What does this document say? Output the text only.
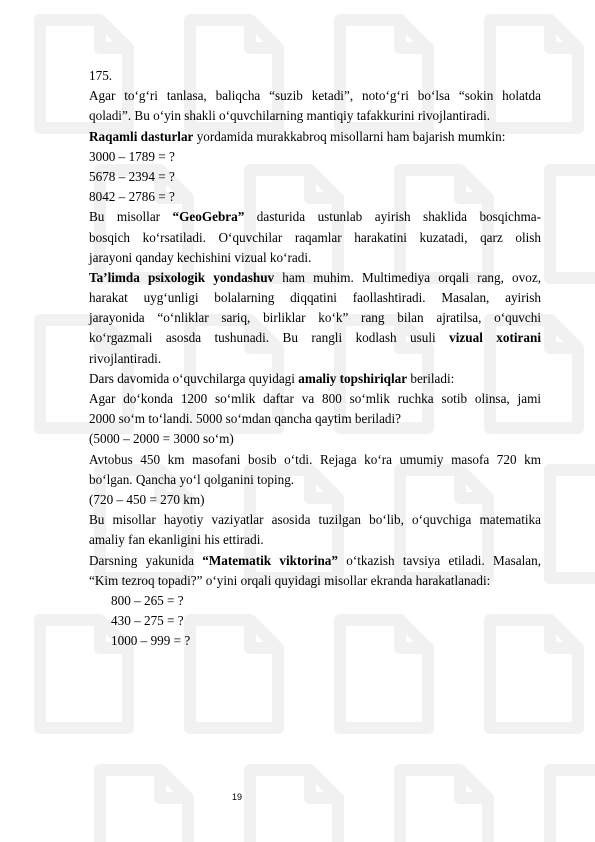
175.
Agar to‘g‘ri tanlasa, baliqcha “suzib ketadi”, noto‘g‘ri bo‘lsa “sokin holatda
qoladi”. Bu o‘yin shakli o‘quvchilarning mantiqiy tafakkurini rivojlantiradi.
Raqamli dasturlar yordamida murakkabroq misollarni ham bajarish mumkin:
3000 – 1789 = ?
5678 – 2394 = ?
8042 – 2786 = ?
Bu misollar “GeoGebra” dasturida ustunlab ayirish shaklida bosqichma-
bosqich ko‘rsatiladi. O‘quvchilar raqamlar harakatini kuzatadi, qarz olish
jarayoni qanday kechishini vizual ko‘radi.
Ta’limda psixologik yondashuv ham muhim. Multimediya orqali rang, ovoz,
harakat uyg‘unligi bolalarning diqqatini faollashtiradi. Masalan, ayirish
jarayonida “o‘nliklar sariq, birliklar ko‘k” rang bilan ajratilsa, o‘quvchi
ko‘rgazmali asosda tushunadi. Bu rangli kodlash usuli vizual xotirani
rivojlantiradi.
Dars davomida o‘quvchilarga quyidagi amaliy topshiriqlar beriladi:
Agar do‘konda 1200 so‘mlik daftar va 800 so‘mlik ruchka sotib olinsa, jami
2000 so‘m to‘landi. 5000 so‘mdan qancha qaytim beriladi?
(5000 – 2000 = 3000 so‘m)
Avtobus 450 km masofani bosib o‘tdi. Rejaga ko‘ra umumiy masofa 720 km
bo‘lgan. Qancha yo‘l qolganini toping.
(720 – 450 = 270 km)
Bu misollar hayotiy vaziyatlar asosida tuzilgan bo‘lib, o‘quvchiga matematika
amaliy fan ekanligini his ettiradi.
Darsning yakunida “Matematik viktorina” o‘tkazish tavsiya etiladi. Masalan,
“Kim tezroq topadi?” o‘yini orqali quyidagi misollar ekranda harakatlanadi:
800 – 265 = ?
430 – 275 = ?
1000 – 999 = ?
19
